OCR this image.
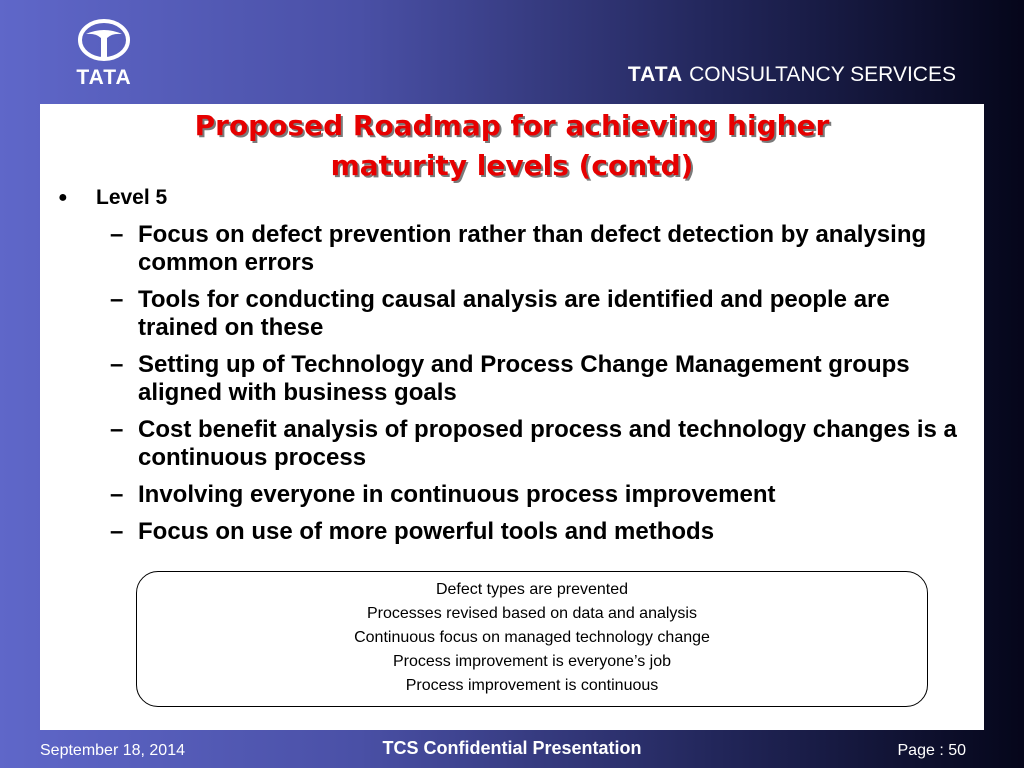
TATA	TATA CONSULTANCY SERVICES
Proposed Roadmap for achieving higher
maturity levels (contd)
● Level 5
– Focus on defect prevention rather than defect detection by analysing common errors
– Tools for conducting causal analysis are identified and people are trained on these
– Setting up of Technology and Process Change Management groups aligned with business goals
– Cost benefit analysis of proposed process and technology changes is a continuous process
– Involving everyone in continuous process improvement
– Focus on use of more powerful tools and methods
Defect types are prevented
Processes revised based on data and analysis
Continuous focus on managed technology change
Process improvement is everyone’s job
Process improvement is continuous
September 18, 2014	TCS Confidential Presentation	Page : 50
